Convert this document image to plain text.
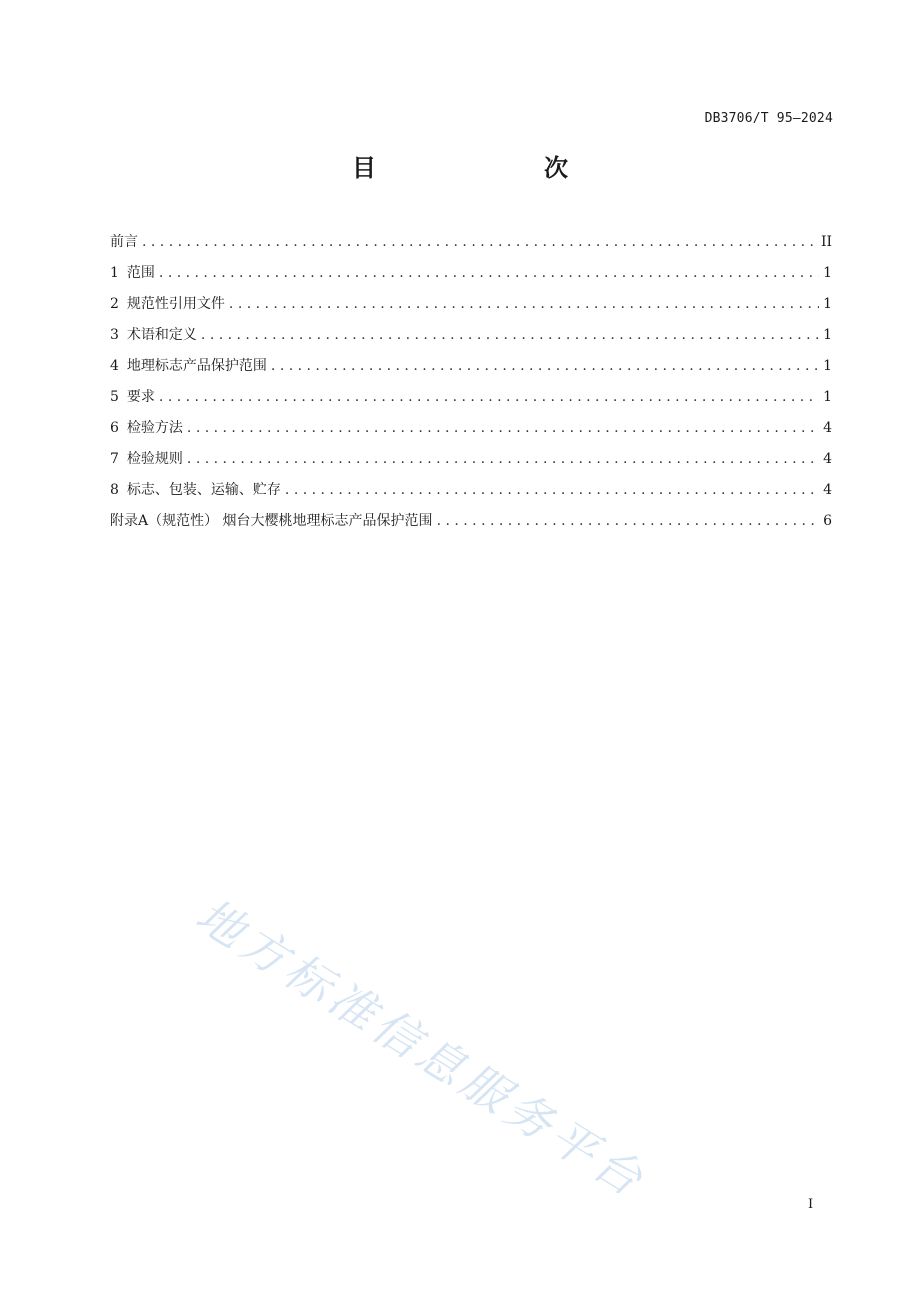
DB3706/T 95—2024
目　　次
前言 . . .	II
1 范围 . . .	1
2 规范性引用文件 . . .	1
3 术语和定义 . . .	1
4 地理标志产品保护范围 . . .	1
5 要求 . . .	1
6 检验方法 . . .	4
7 检验规则 . . .	4
8 标志、包装、运输、贮存 . . .	4
附录A（规范性） 烟台大樱桃地理标志产品保护范围 . . .	6
地方标准信息服务平台	I
